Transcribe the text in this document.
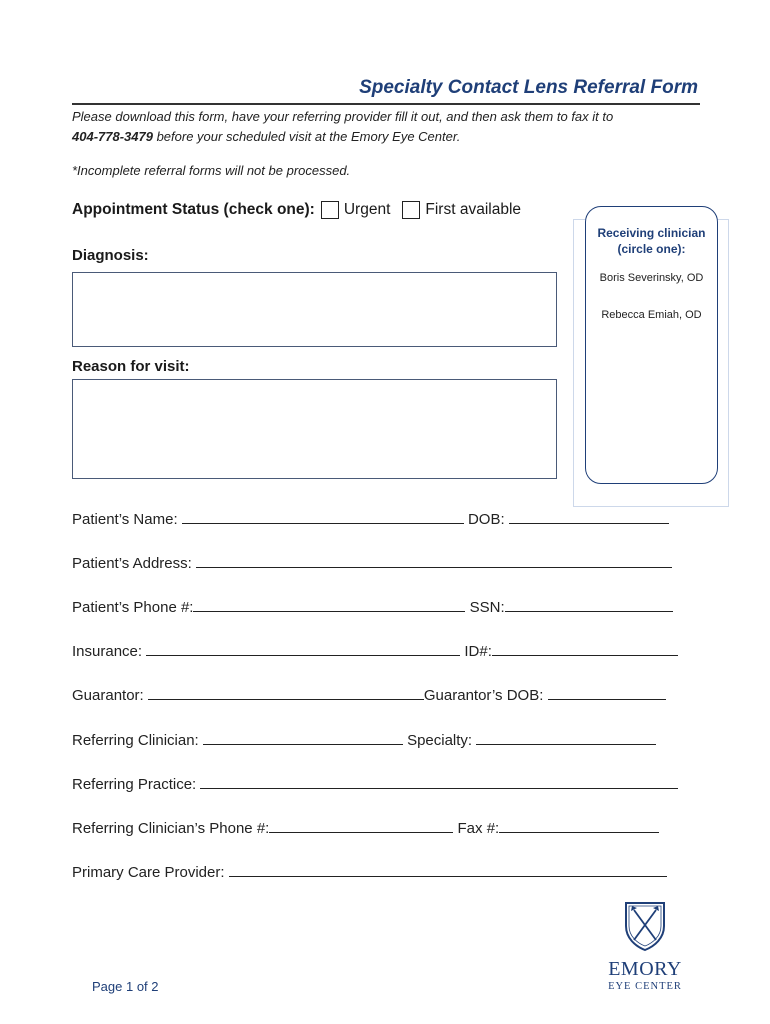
Specialty Contact Lens Referral Form
Please download this form, have your referring provider fill it out, and then ask them to fax it to
404-778-3479 before your scheduled visit at the Emory Eye Center.
*Incomplete referral forms will not be processed.
Appointment Status (check one): Urgent First available
Diagnosis:
Reason for visit:
Receiving clinician
(circle one):
Boris Severinsky, OD
Rebecca Emiah, OD
Patient’s Name:	DOB:
Patient’s Address:
Patient’s Phone #:	SSN:
Insurance:	ID#:
Guarantor:	Guarantor’s DOB:
Referring Clinician:	Specialty:
Referring Practice:
Referring Clinician’s Phone #:	Fax #:
Primary Care Provider:
Page 1 of 2
EMORY
EYE CENTER
